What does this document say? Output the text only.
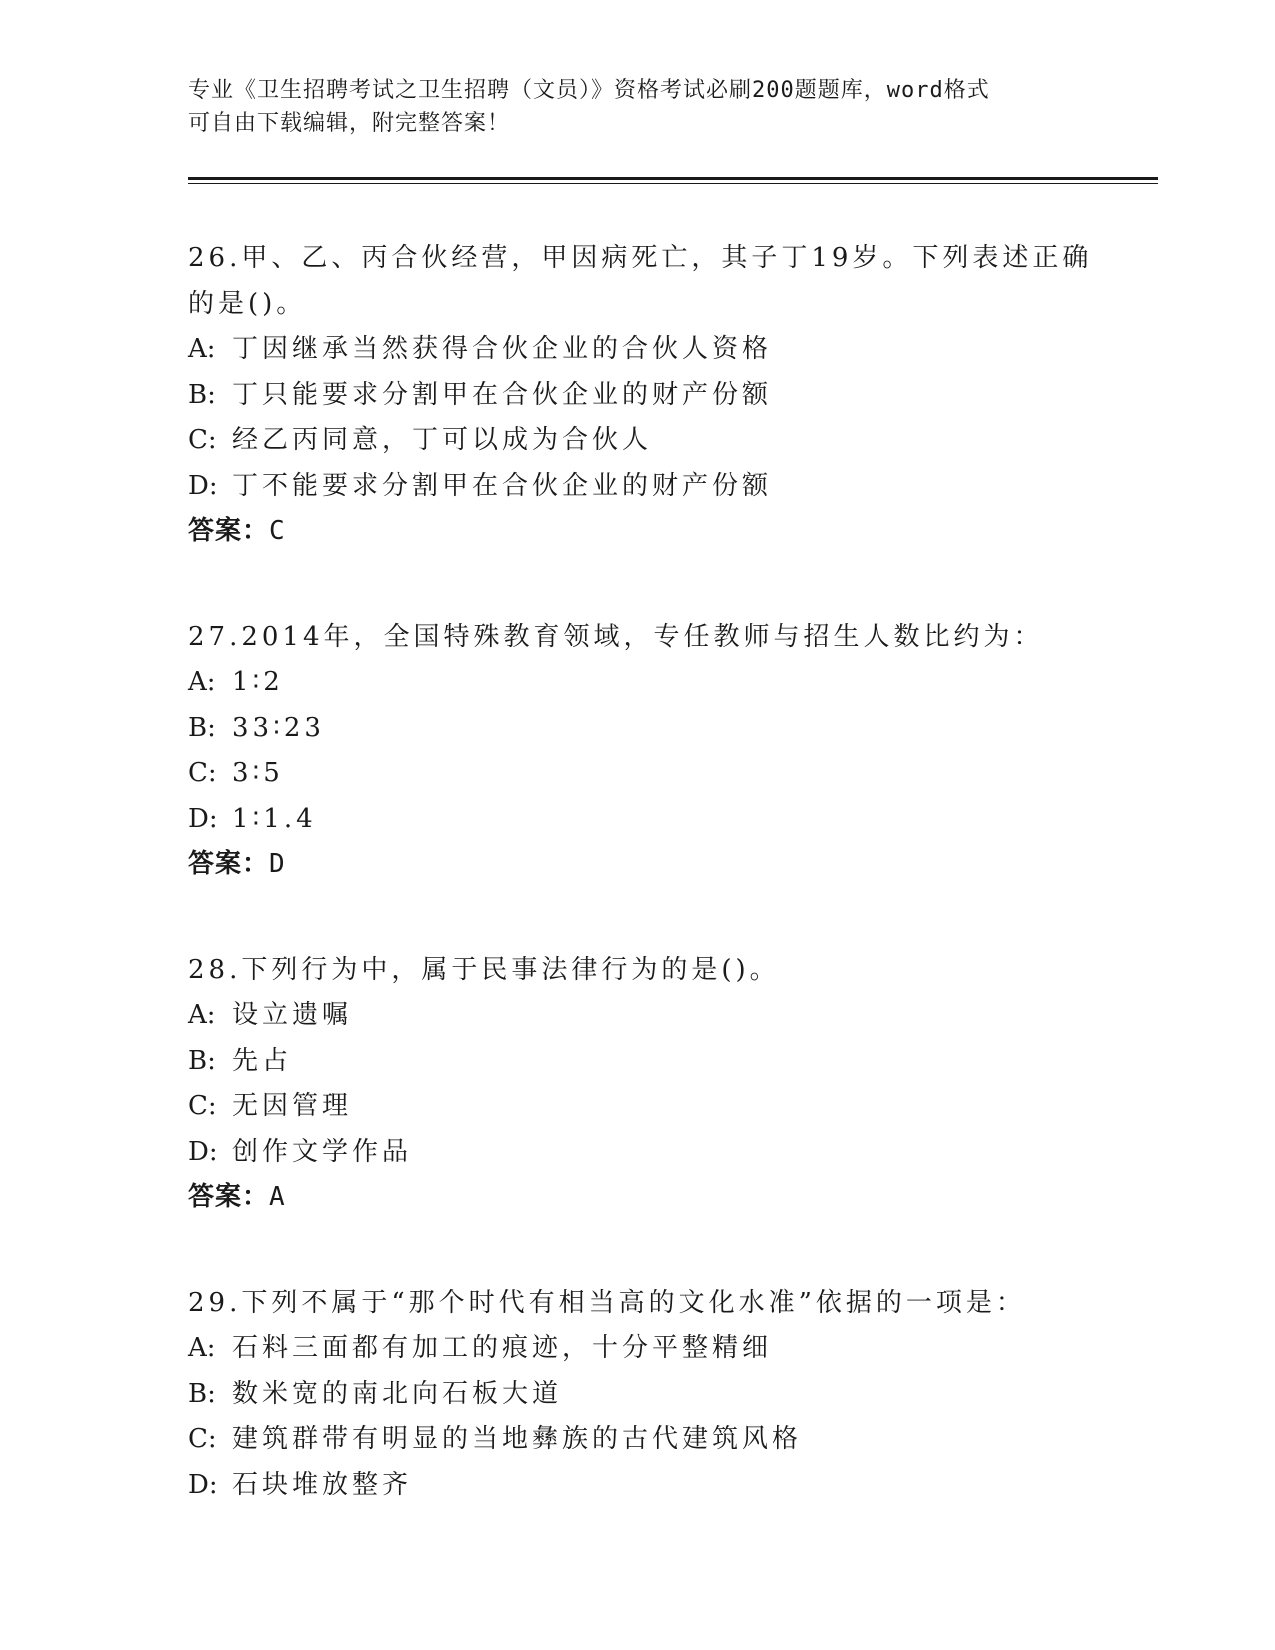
专业《卫生招聘考试之卫生招聘（文员）》资格考试必刷200题题库，word格式
可自由下载编辑，附完整答案！
26.甲、乙、丙合伙经营，甲因病死亡，其子丁19岁。下列表述正确
的是()。
A: 丁因继承当然获得合伙企业的合伙人资格
B: 丁只能要求分割甲在合伙企业的财产份额
C: 经乙丙同意，丁可以成为合伙人
D: 丁不能要求分割甲在合伙企业的财产份额
答案：C
27.2014年，全国特殊教育领域，专任教师与招生人数比约为：
A: 1∶2
B: 33∶23
C: 3∶5
D: 1∶1.4
答案：D
28.下列行为中，属于民事法律行为的是()。
A: 设立遗嘱
B: 先占
C: 无因管理
D: 创作文学作品
答案：A
29.下列不属于“那个时代有相当高的文化水准”依据的一项是：
A: 石料三面都有加工的痕迹，十分平整精细
B: 数米宽的南北向石板大道
C: 建筑群带有明显的当地彝族的古代建筑风格
D: 石块堆放整齐
